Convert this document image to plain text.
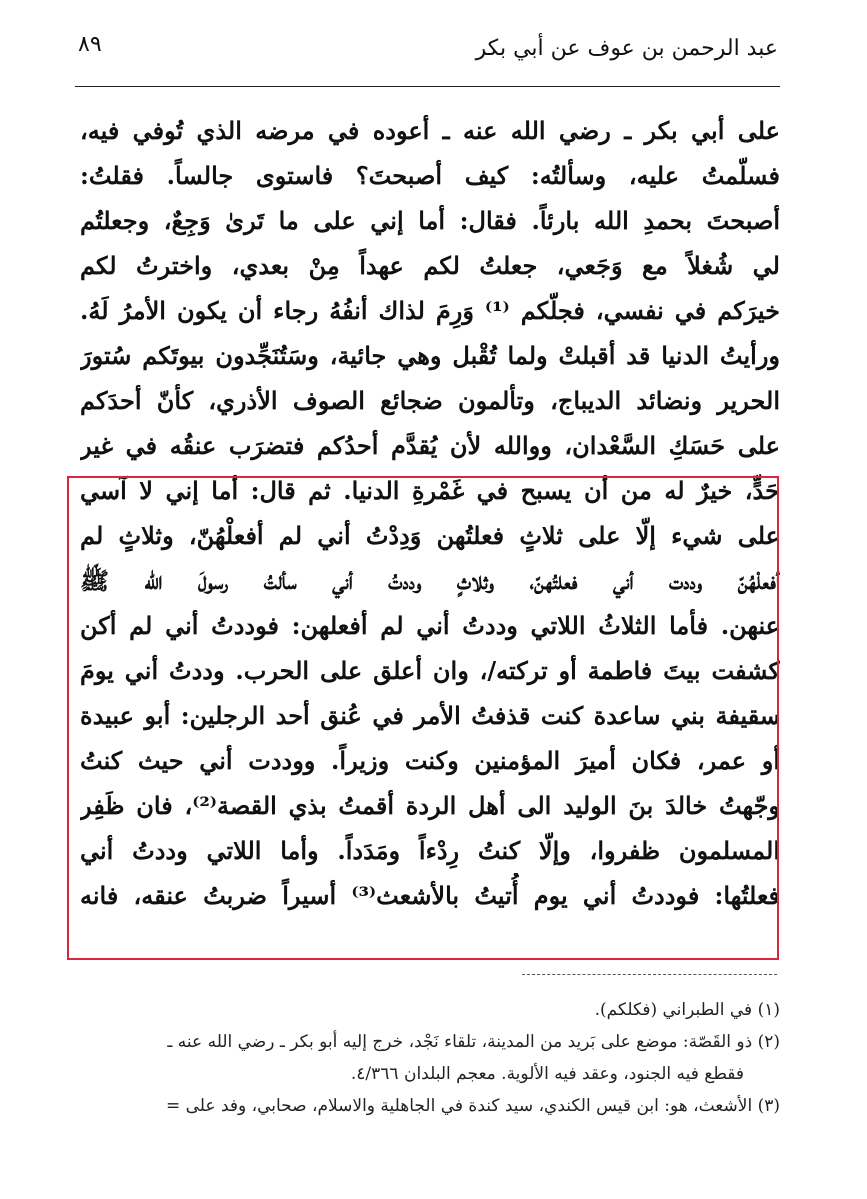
عبد الرحمن بن عوف عن أبي بكر
٨٩
على أبي بكر ـ رضي الله عنه ـ أعوده في مرضه الذي تُوفي فيه،
فسلّمتُ عليه، وسألتُه: كيف أصبحتَ؟ فاستوى جالساً. فقلتُ:
أصبحتَ بحمدِ الله بارئاً. فقال: أما إني على ما تَرىٰ وَجِعٌ، وجعلتُم
لي شُغلاً مع وَجَعي، جعلتُ لكم عهداً مِنْ بعدي، واخترتُ لكم
خيرَكم في نفسي، فجلّكم ⁽¹⁾ وَرِمَ لذاك أنفُهُ رجاء أن يكون الأمرُ لَهُ.
ورأيتُ الدنيا قد أقبلتْ ولما تُقْبل وهي جائية، وسَتُنَجِّدون بيوتَكم سُتورَ
الحرير ونضائد الديباج، وتألمون ضجائع الصوف الأذري، كأنّ أحدَكم
على حَسَكِ السَّعْدان، ووالله لأن يُقدَّم أحدُكم فتضرَب عنقُه في غير
حَدٍّ، خيرٌ له من أن يسبح في غَمْرةِ الدنيا. ثم قال: أما إني لا آسي
على شيء إلّا على ثلاثٍ فعلتُهن وَدِدْتُ أني لم أفعلْهُنّ، وثلاثٍ لم
أفعلْهُنّ وددت أني فعلتُهنّ، وثلاثٍ وددتُ أني سألتُ رسولَ الله ﷺ
عنهن. فأما الثلاثُ اللاتي وددتُ أني لم أفعلهن: فوددتُ أني لم أكن
كشفت بيتَ فاطمة أو تركته/، وان أعلق على الحرب. وددتُ أني يومَ
سقيفة بني ساعدة كنت قذفتُ الأمر في عُنق أحد الرجلين: أبو عبيدة
أو عمر، فكان أميرَ المؤمنين وكنت وزيراً. ووددت أني حيث كنتُ
وجّهتُ خالدَ بنَ الوليد الى أهل الردة أقمتُ بذي القصة⁽²⁾، فان ظَفِر
المسلمون ظفروا، وإلّا كنتُ رِدْءاً ومَدَداً. وأما اللاتي وددتُ أني
فعلتُها: فوددتُ أني يوم أُتيتُ بالأشعث⁽³⁾ أسيراً ضربتُ عنقه، فانه
(١) في الطبراني (فكلكم).
(٢) ذو القَصّة: موضع على بَريد من المدينة، تلقاء نَجْد، خرج إليه أبو بكر ـ رضي الله عنه ـ
فقطع فيه الجنود، وعقد فيه الألوية. معجم البلدان ٤/٣٦٦.
(٣) الأشعث، هو: ابن قيس الكندي، سيد كندة في الجاهلية والاسلام، صحابي، وفد على =
